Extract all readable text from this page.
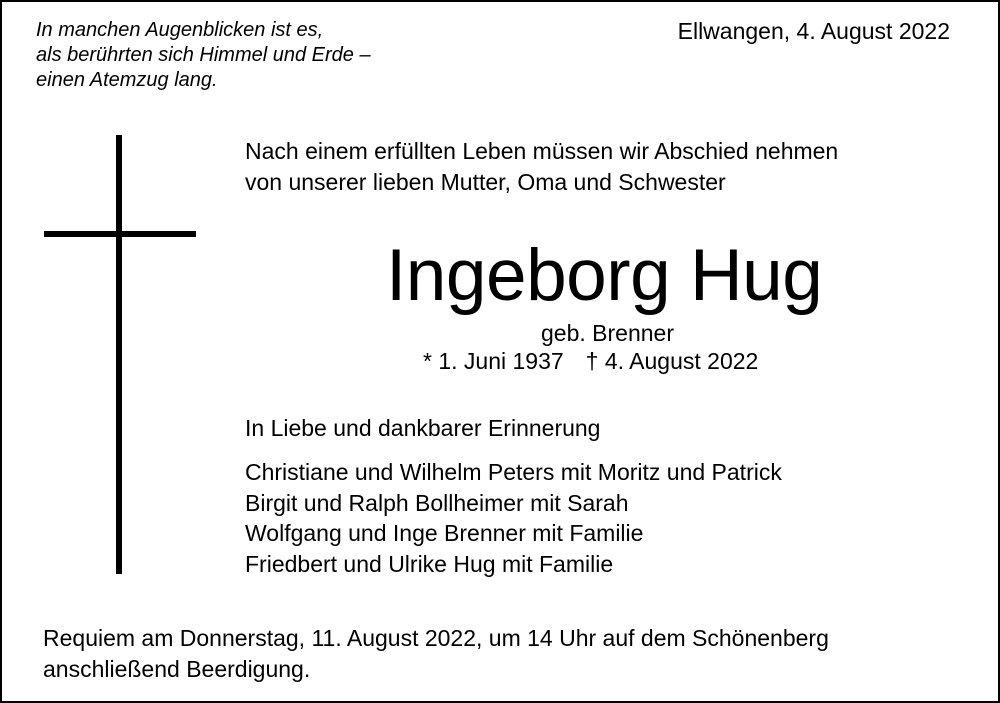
In manchen Augenblicken ist es,
als berührten sich Himmel und Erde –
einen Atemzug lang.

Ellwangen, 4. August 2022
Nach einem erfüllten Leben müssen wir Abschied nehmen
von unserer lieben Mutter, Oma und Schwester
Ingeborg Hug
geb. Brenner
* 1. Juni 1937 † 4. August 2022
In Liebe und dankbarer Erinnerung
Christiane und Wilhelm Peters mit Moritz und Patrick
Birgit und Ralph Bollheimer mit Sarah
Wolfgang und Inge Brenner mit Familie
Friedbert und Ulrike Hug mit Familie
Requiem am Donnerstag, 11. August 2022, um 14 Uhr auf dem Schönenberg
anschließend Beerdigung.
